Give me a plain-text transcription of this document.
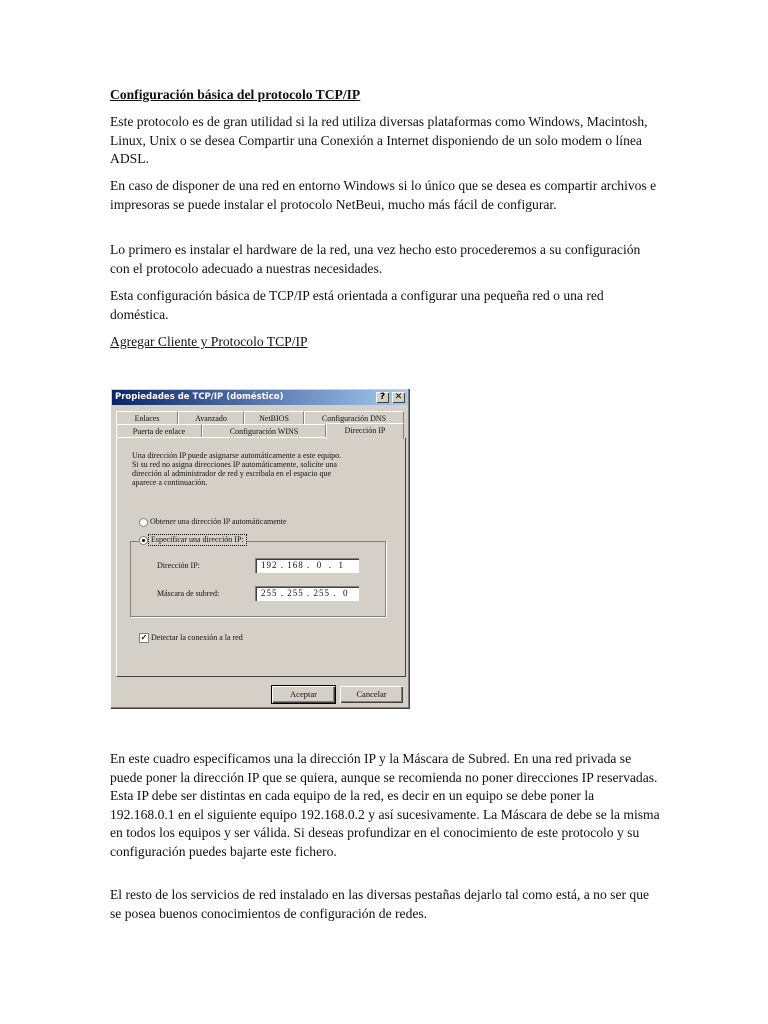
Configuración básica del protocolo TCP/IP

Este protocolo es de gran utilidad si la red utiliza diversas plataformas como Windows, Macintosh, Linux, Unix o se desea Compartir una Conexión a Internet disponiendo de un solo modem o línea ADSL.

En caso de disponer de una red en entorno Windows si lo único que se desea es compartir archivos e impresoras se puede instalar el protocolo NetBeui, mucho más fácil de configurar.

Lo primero es instalar el hardware de la red, una vez hecho esto procederemos a su configuración con el protocolo adecuado a nuestras necesidades.

Esta configuración básica de TCP/IP está orientada a configurar una pequeña red o una red doméstica.

Agregar Cliente y Protocolo TCP/IP

Propiedades de TCP/IP (doméstico)	?	✕
Enlaces	Avanzado	NetBIOS	Configuración DNS
Puerta de enlace	Configuración WINS	Dirección IP
Una dirección IP puede asignarse automáticamente a este equipo.
Si su red no asigna direcciones IP automáticamente, solicite una
dirección al administrador de red y escríbala en el espacio que
aparece a continuación.
Obtener una dirección IP automáticamente
Especificar una dirección IP:
Dirección IP:	192 . 168 .  0  .  1
Máscara de subred:	255 . 255 . 255 .  0
✓ Detectar la conexión a la red
Aceptar	Cancelar

En este cuadro especificamos una la dirección IP y la Máscara de Subred. En una red privada se puede poner la dirección IP que se quiera, aunque se recomienda no poner direcciones IP reservadas. Esta IP debe ser distintas en cada equipo de la red, es decir en un equipo se debe poner la 192.168.0.1 en el siguiente equipo 192.168.0.2 y así sucesivamente. La Máscara de debe se la misma en todos los equipos y ser válida. Si deseas profundizar en el conocimiento de este protocolo y su configuración puedes bajarte este fichero.

El resto de los servicios de red instalado en las diversas pestañas dejarlo tal como está, a no ser que se posea buenos conocimientos de configuración de redes.
